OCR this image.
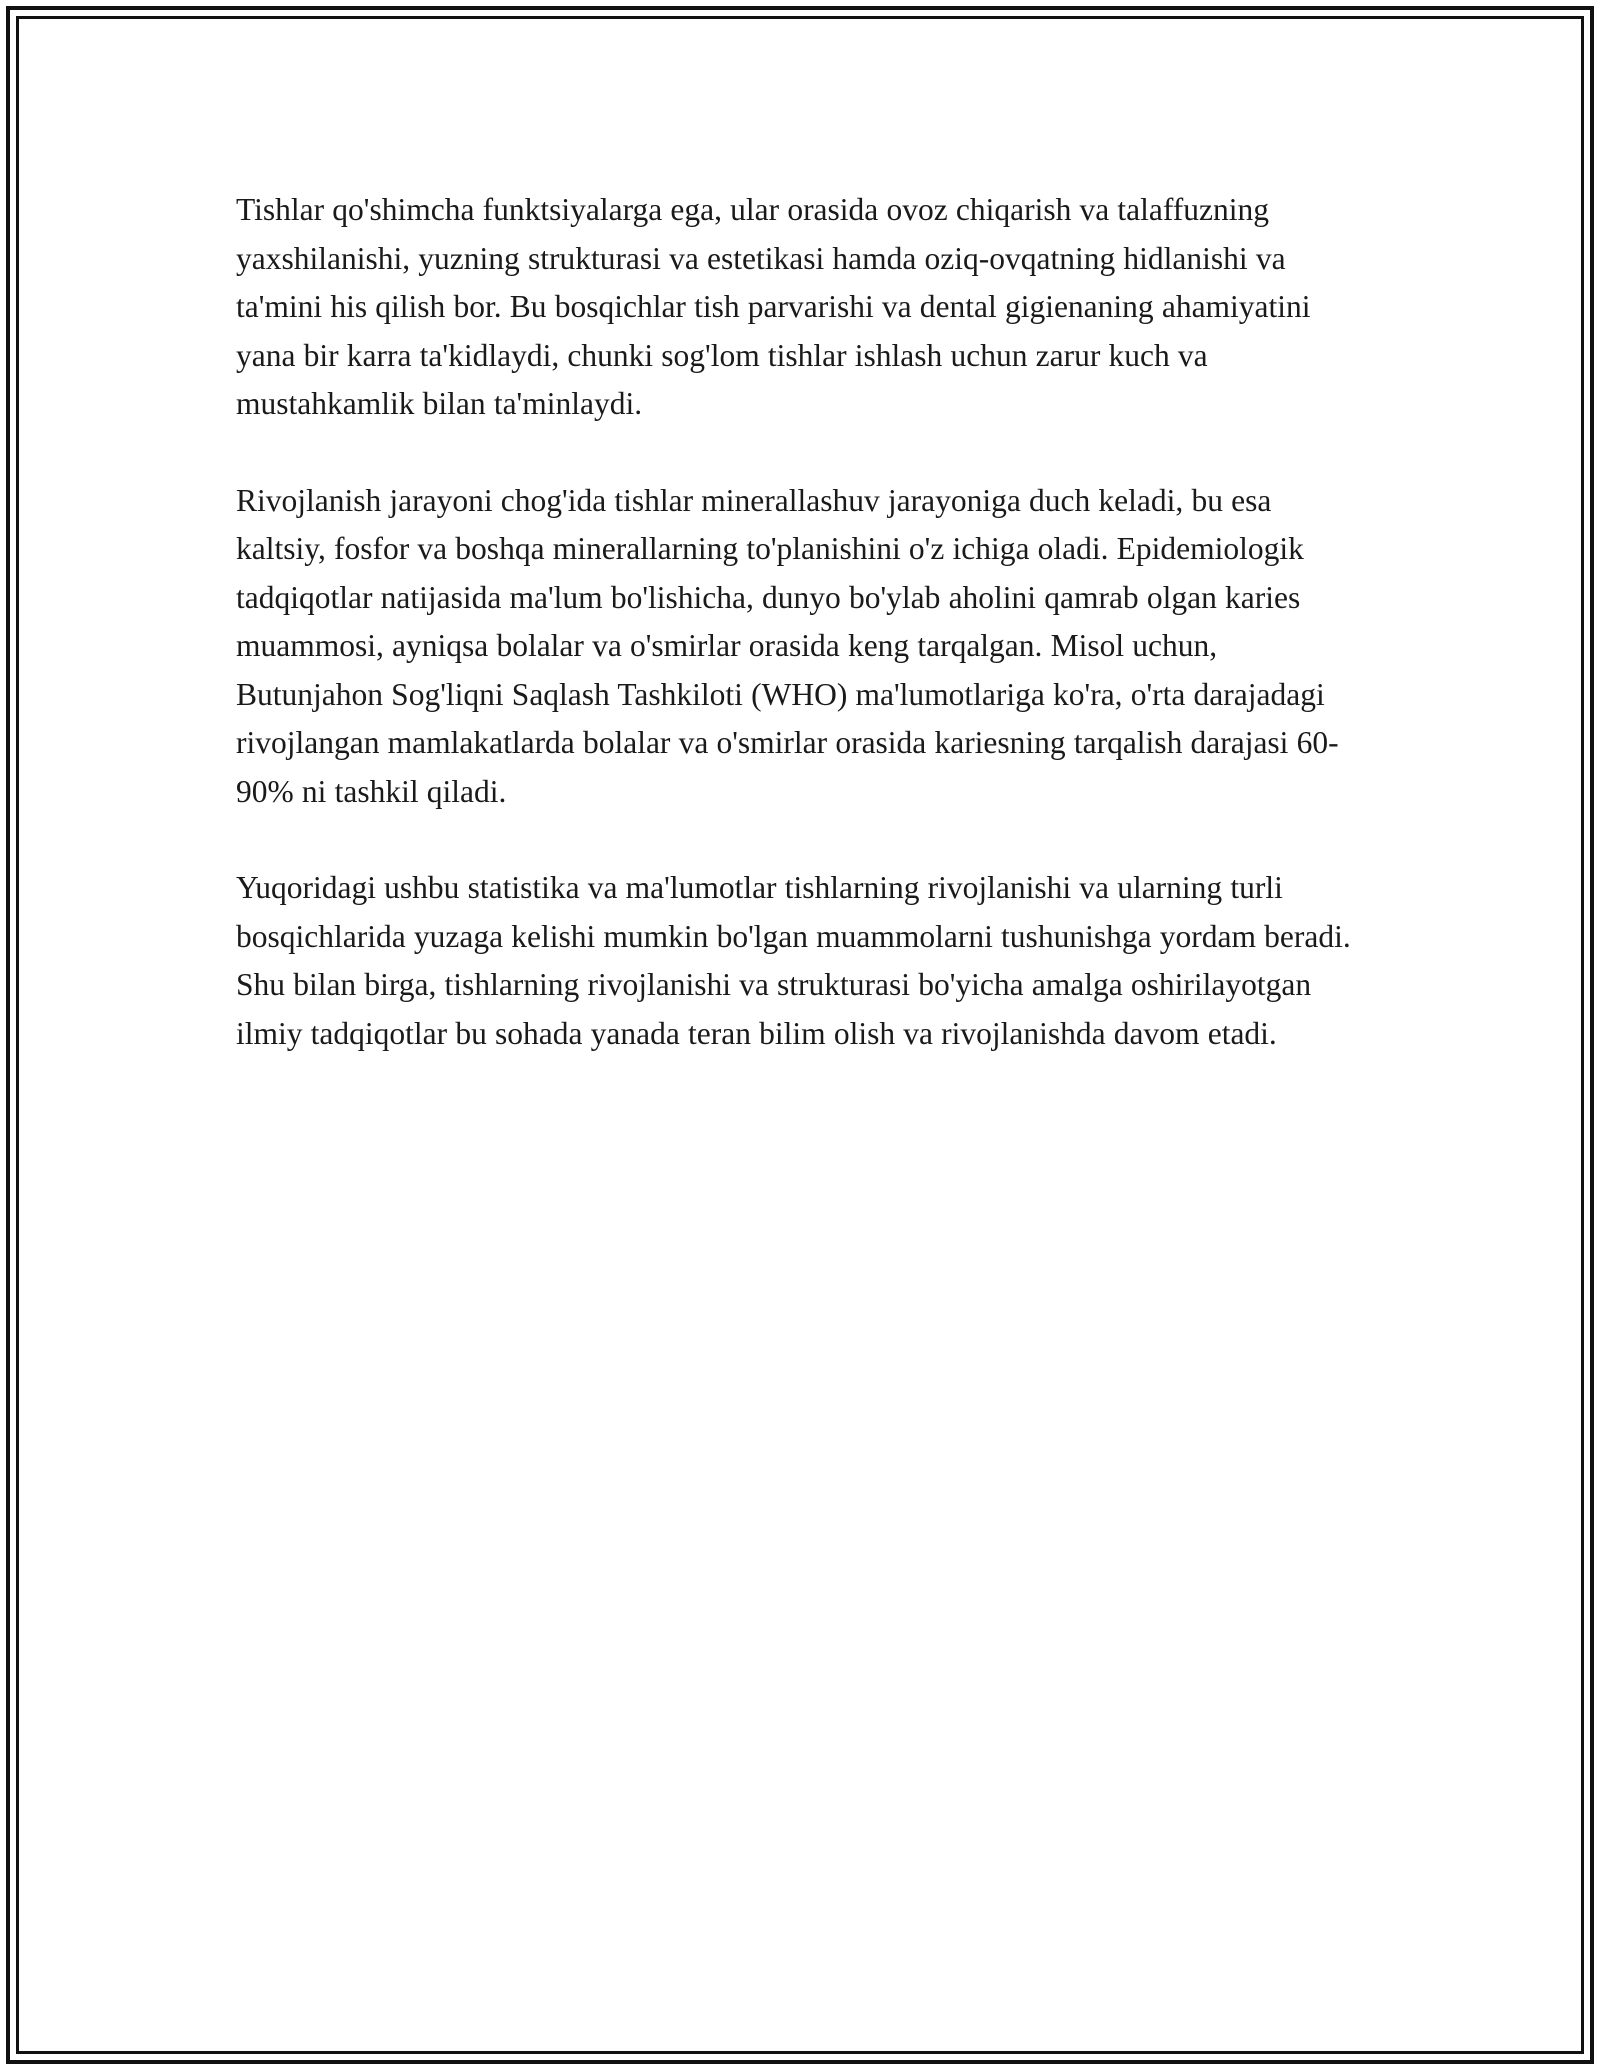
Tishlar qo'shimcha funktsiyalarga ega, ular orasida ovoz chiqarish va talaffuzning yaxshilanishi, yuzning strukturasi va estetikasi hamda oziq-ovqatning hidlanishi va ta'mini his qilish bor. Bu bosqichlar tish parvarishi va dental gigienaning ahamiyatini yana bir karra ta'kidlaydi, chunki sog'lom tishlar ishlash uchun zarur kuch va mustahkamlik bilan ta'minlaydi.

Rivojlanish jarayoni chog'ida tishlar minerallashuv jarayoniga duch keladi, bu esa kaltsiy, fosfor va boshqa minerallarning to'planishini o'z ichiga oladi. Epidemiologik tadqiqotlar natijasida ma'lum bo'lishicha, dunyo bo'ylab aholini qamrab olgan karies muammosi, ayniqsa bolalar va o'smirlar orasida keng tarqalgan. Misol uchun, Butunjahon Sog'liqni Saqlash Tashkiloti (WHO) ma'lumotlariga ko'ra, o'rta darajadagi rivojlangan mamlakatlarda bolalar va o'smirlar orasida kariesning tarqalish darajasi 60-90% ni tashkil qiladi.

Yuqoridagi ushbu statistika va ma'lumotlar tishlarning rivojlanishi va ularning turli bosqichlarida yuzaga kelishi mumkin bo'lgan muammolarni tushunishga yordam beradi. Shu bilan birga, tishlarning rivojlanishi va strukturasi bo'yicha amalga oshirilayotgan ilmiy tadqiqotlar bu sohada yanada teran bilim olish va rivojlanishda davom etadi.
